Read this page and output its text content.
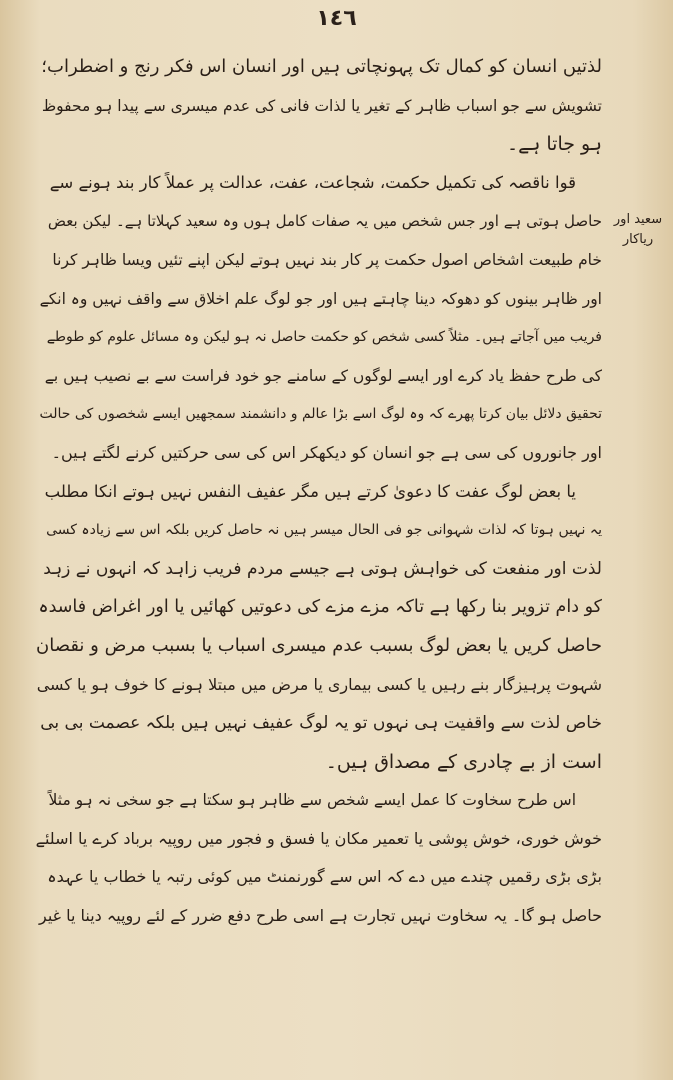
١٤٦
سعید اور
ریاکار
لذتیں انسان کو کمال تک پہونچاتی ہیں اور انسان اس فکر رنج و اضطراب؛
تشویش سے جو اسباب ظاہر کے تغیر یا لذات فانی کی عدم میسری سے پیدا ہو محفوظ
ہو جاتا ہے۔
قوا ناقصہ کی تکمیل حکمت، شجاعت، عفت، عدالت پر عملاً کار بند ہونے سے
حاصل ہوتی ہے اور جس شخص میں یہ صفات کامل ہوں وہ سعید کہلاتا ہے۔ لیکن بعض
خام طبیعت اشخاص اصول حکمت پر کار بند نہیں ہوتے لیکن اپنے تئیں ویسا ظاہر کرنا
اور ظاہر بینوں کو دھوکہ دینا چاہتے ہیں اور جو لوگ علم اخلاق سے واقف نہیں وہ انکے
فریب میں آجاتے ہیں۔ مثلاً کسی شخص کو حکمت حاصل نہ ہو لیکن وہ مسائل علوم کو طوطے
کی طرح حفظ یاد کرے اور ایسے لوگوں کے سامنے جو خود فراست سے بے نصیب ہیں بے
تحقیق دلائل بیان کرتا پھرے کہ وہ لوگ اسے بڑا عالم و دانشمند سمجھیں ایسے شخصوں کی حالت
اور جانوروں کی سی ہے جو انسان کو دیکھکر اس کی سی حرکتیں کرنے لگتے ہیں۔
یا بعض لوگ عفت کا دعویٰ کرتے ہیں مگر عفیف النفس نہیں ہوتے انکا مطلب
یہ نہیں ہوتا کہ لذات شہوانی جو فی الحال میسر ہیں نہ حاصل کریں بلکہ اس سے زیادہ کسی
لذت اور منفعت کی خواہش ہوتی ہے جیسے مردم فریب زاہد کہ انہوں نے زہد
کو دام تزویر بنا رکھا ہے تاکہ مزے مزے کی دعوتیں کھائیں یا اور اغراض فاسدہ
حاصل کریں یا بعض لوگ بسبب عدم میسری اسباب یا بسبب مرض و نقصان
شہوت پرہیزگار بنے رہیں یا کسی بیماری یا مرض میں مبتلا ہونے کا خوف ہو یا کسی
خاص لذت سے واقفیت ہی نہوں تو یہ لوگ عفیف نہیں ہیں بلکہ عصمت بی بی
است از بے چادری کے مصداق ہیں۔
اس طرح سخاوت کا عمل ایسے شخص سے ظاہر ہو سکتا ہے جو سخی نہ ہو مثلاً
خوش خوری، خوش پوشی یا تعمیر مکان یا فسق و فجور میں روپیہ برباد کرے یا اسلئے
بڑی بڑی رقمیں چندے میں دے کہ اس سے گورنمنٹ میں کوئی رتبہ یا خطاب یا عہدہ
حاصل ہو گا۔ یہ سخاوت نہیں تجارت ہے اسی طرح دفع ضرر کے لئے روپیہ دینا یا غیر
